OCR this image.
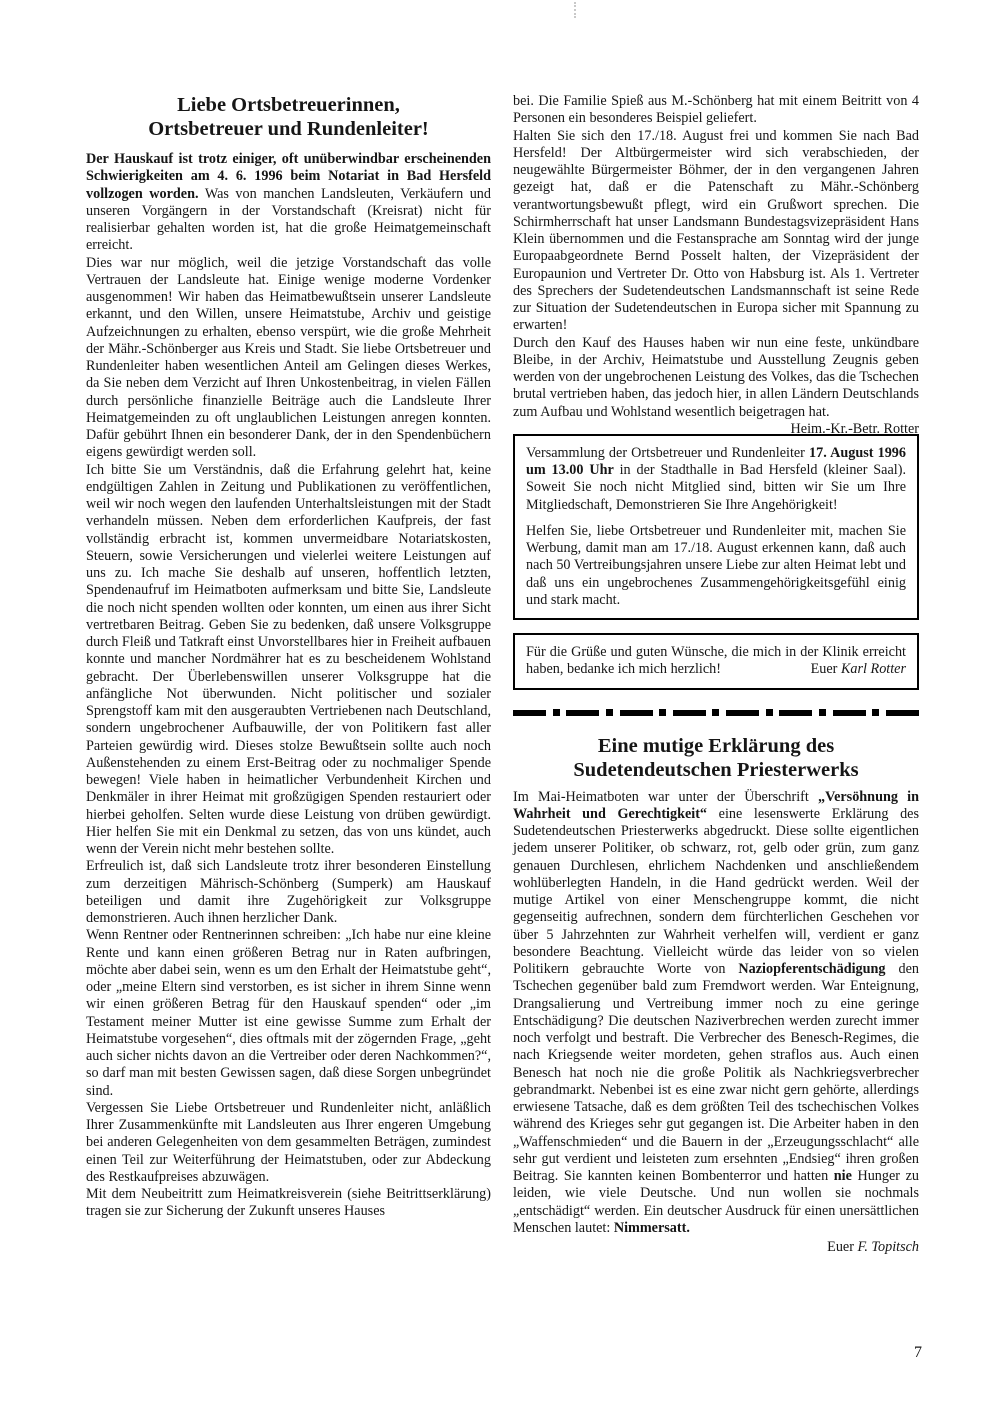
Liebe Ortsbetreuerinnen,
Ortsbetreuer und Rundenleiter!

Der Hauskauf ist trotz einiger, oft unüberwindbar erscheinenden Schwierigkeiten am 4. 6. 1996 beim Notariat in Bad Hersfeld vollzogen worden. Was von manchen Landsleuten, Verkäufern und unseren Vorgängern in der Vorstandschaft (Kreisrat) nicht für realisierbar gehalten worden ist, hat die große Heimatgemeinschaft erreicht.

Dies war nur möglich, weil die jetzige Vorstandschaft das volle Vertrauen der Landsleute hat. Einige wenige moderne Vordenker ausgenommen! Wir haben das Heimatbewußtsein unserer Landsleute erkannt, und den Willen, unsere Heimatstube, Archiv und geistige Aufzeichnungen zu erhalten, ebenso verspürt, wie die große Mehrheit der Mähr.-Schönberger aus Kreis und Stadt. Sie liebe Ortsbetreuer und Rundenleiter haben wesentlichen Anteil am Gelingen dieses Werkes, da Sie neben dem Verzicht auf Ihren Unkostenbeitrag, in vielen Fällen durch persönliche finanzielle Beiträge auch die Landsleute Ihrer Heimatgemeinden zu oft unglaublichen Leistungen anregen konnten. Dafür gebührt Ihnen ein besonderer Dank, der in den Spendenbüchern eigens gewürdigt werden soll.

Ich bitte Sie um Verständnis, daß die Erfahrung gelehrt hat, keine endgültigen Zahlen in Zeitung und Publikationen zu veröffentlichen, weil wir noch wegen den laufenden Unterhaltsleistungen mit der Stadt verhandeln müssen. Neben dem erforderlichen Kaufpreis, der fast vollständig erbracht ist, kommen unvermeidbare Notariatskosten, Steuern, sowie Versicherungen und vielerlei weitere Leistungen auf uns zu. Ich mache Sie deshalb auf unseren, hoffentlich letzten, Spendenaufruf im Heimatboten aufmerksam und bitte Sie, Landsleute die noch nicht spenden wollten oder konnten, um einen aus ihrer Sicht vertretbaren Beitrag. Geben Sie zu bedenken, daß unsere Volksgruppe durch Fleiß und Tatkraft einst Unvorstellbares hier in Freiheit aufbauen konnte und mancher Nordmährer hat es zu bescheidenem Wohlstand gebracht. Der Überlebenswillen unserer Volksgruppe hat die anfängliche Not überwunden. Nicht politischer und sozialer Sprengstoff kam mit den ausgeraubten Vertriebenen nach Deutschland, sondern ungebrochener Aufbauwille, der von Politikern fast aller Parteien gewürdig wird. Dieses stolze Bewußtsein sollte auch noch Außenstehenden zu einem Erst-Beitrag oder zu nochmaliger Spende bewegen! Viele haben in heimatlicher Verbundenheit Kirchen und Denkmäler in ihrer Heimat mit großzügigen Spenden restauriert oder hierbei geholfen. Selten wurde diese Leistung von drüben gewürdigt. Hier helfen Sie mit ein Denkmal zu setzen, das von uns kündet, auch wenn der Verein nicht mehr bestehen sollte.

Erfreulich ist, daß sich Landsleute trotz ihrer besonderen Einstellung zum derzeitigen Mährisch-Schönberg (Sumperk) am Hauskauf beteiligen und damit ihre Zugehörigkeit zur Volksgruppe demonstrieren. Auch ihnen herzlicher Dank.

Wenn Rentner oder Rentnerinnen schreiben: „Ich habe nur eine kleine Rente und kann einen größeren Betrag nur in Raten aufbringen, möchte aber dabei sein, wenn es um den Erhalt der Heimatstube geht“, oder „meine Eltern sind verstorben, es ist sicher in ihrem Sinne wenn wir einen größeren Betrag für den Hauskauf spenden“ oder „im Testament meiner Mutter ist eine gewisse Summe zum Erhalt der Heimatstube vorgesehen“, dies oftmals mit der zögernden Frage, „geht auch sicher nichts davon an die Vertreiber oder deren Nachkommen?“, so darf man mit besten Gewissen sagen, daß diese Sorgen unbegründet sind.

Vergessen Sie Liebe Ortsbetreuer und Rundenleiter nicht, anläßlich Ihrer Zusammenkünfte mit Landsleuten aus Ihrer engeren Umgebung bei anderen Gelegenheiten von dem gesammelten Beträgen, zumindest einen Teil zur Weiterführung der Heimatstuben, oder zur Abdeckung des Restkaufpreises abzuwägen.

Mit dem Neubeitritt zum Heimatkreisverein (siehe Beitrittserklärung) tragen sie zur Sicherung der Zukunft unseres Hauses

bei. Die Familie Spieß aus M.-Schönberg hat mit einem Beitritt von 4 Personen ein besonderes Beispiel geliefert.

Halten Sie sich den 17./18. August frei und kommen Sie nach Bad Hersfeld! Der Altbürgermeister wird sich verabschieden, der neugewählte Bürgermeister Böhmer, der in den vergangenen Jahren gezeigt hat, daß er die Patenschaft zu Mähr.-Schönberg verantwortungsbewußt pflegt, wird ein Grußwort sprechen. Die Schirmherrschaft hat unser Landsmann Bundestagsvizepräsident Hans Klein übernommen und die Festansprache am Sonntag wird der junge Europaabgeordnete Bernd Posselt halten, der Vizepräsident der Europaunion und Vertreter Dr. Otto von Habsburg ist. Als 1. Vertreter des Sprechers der Sudetendeutschen Landsmannschaft ist seine Rede zur Situation der Sudetendeutschen in Europa sicher mit Spannung zu erwarten!

Durch den Kauf des Hauses haben wir nun eine feste, unkündbare Bleibe, in der Archiv, Heimatstube und Ausstellung Zeugnis geben werden von der ungebrochenen Leistung des Volkes, das die Tschechen brutal vertrieben haben, das jedoch hier, in allen Ländern Deutschlands zum Aufbau und Wohlstand wesentlich beigetragen hat.
Heim.-Kr.-Betr. Rotter

Versammlung der Ortsbetreuer und Rundenleiter 17. August 1996 um 13.00 Uhr in der Stadthalle in Bad Hersfeld (kleiner Saal). Soweit Sie noch nicht Mitglied sind, bitten wir Sie um Ihre Mitgliedschaft, Demonstrieren Sie Ihre Angehörigkeit!

Helfen Sie, liebe Ortsbetreuer und Rundenleiter mit, machen Sie Werbung, damit man am 17./18. August erkennen kann, daß auch nach 50 Vertreibungsjahren unsere Liebe zur alten Heimat lebt und daß uns ein ungebrochenes Zusammengehörigkeitsgefühl einig und stark macht.

Für die Grüße und guten Wünsche, die mich in der Klinik erreicht haben, bedanke ich mich herzlich!	Euer Karl Rotter

Eine mutige Erklärung des
Sudetendeutschen Priesterwerks

Im Mai-Heimatboten war unter der Überschrift „Versöhnung in Wahrheit und Gerechtigkeit“ eine lesenswerte Erklärung des Sudetendeutschen Priesterwerks abgedruckt. Diese sollte eigentlichen jedem unserer Politiker, ob schwarz, rot, gelb oder grün, zum ganz genauen Durchlesen, ehrlichem Nachdenken und anschließendem wohlüberlegten Handeln, in die Hand gedrückt werden. Weil der mutige Artikel von einer Menschengruppe kommt, die nicht gegenseitig aufrechnen, sondern dem fürchterlichen Geschehen vor über 5 Jahrzehnten zur Wahrheit verhelfen will, verdient er ganz besondere Beachtung. Vielleicht würde das leider von so vielen Politikern gebrauchte Worte von Naziopferentschädigung den Tschechen gegenüber bald zum Fremdwort werden. War Enteignung, Drangsalierung und Vertreibung immer noch zu eine geringe Entschädigung? Die deutschen Naziverbrechen werden zurecht immer noch verfolgt und bestraft. Die Verbrecher des Benesch-Regimes, die nach Kriegsende weiter mordeten, gehen straflos aus. Auch einen Benesch hat noch nie die große Politik als Nachkriegsverbrecher gebrandmarkt. Nebenbei ist es eine zwar nicht gern gehörte, allerdings erwiesene Tatsache, daß es dem größten Teil des tschechischen Volkes während des Krieges sehr gut gegangen ist. Die Arbeiter haben in den „Waffenschmieden“ und die Bauern in der „Erzeugungsschlacht“ alle sehr gut verdient und leisteten zum ersehnten „Endsieg“ ihren großen Beitrag. Sie kannten keinen Bombenterror und hatten nie Hunger zu leiden, wie viele Deutsche. Und nun wollen sie nochmals „entschädigt“ werden. Ein deutscher Ausdruck für einen unersättlichen Menschen lautet: Nimmersatt.

Euer F. Topitsch

7
